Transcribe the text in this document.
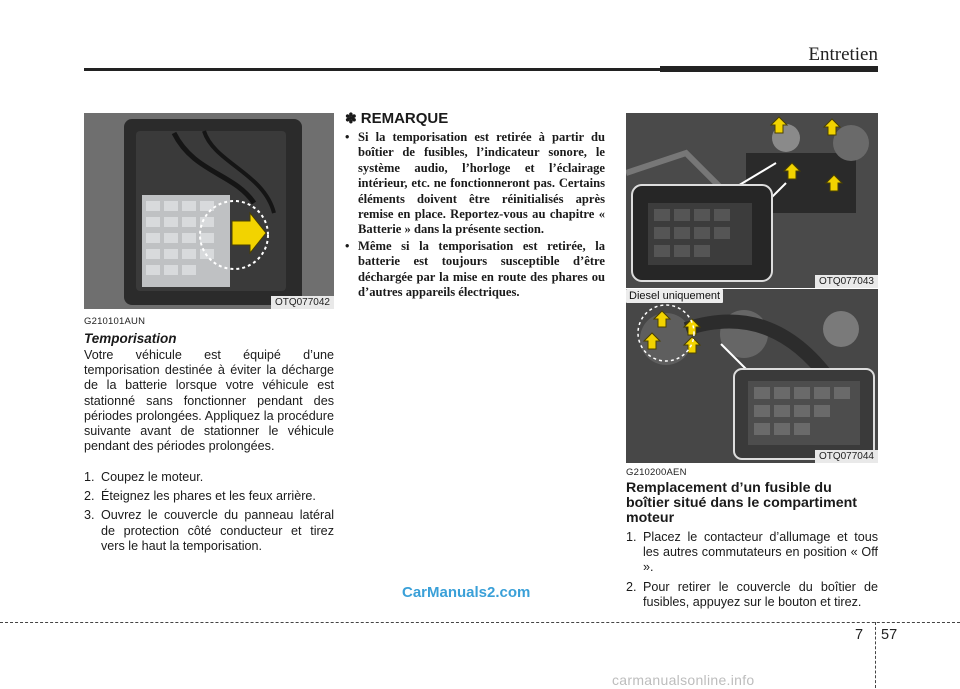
Entretien
OTQ077042
G210101AUN
Temporisation
Votre véhicule est équipé d’une temporisation destinée à éviter la décharge de la batterie lorsque votre véhicule est stationné sans fonctionner pendant des périodes prolongées. Appliquez la procédure suivante avant de stationner le véhicule pendant des périodes prolongées.
1. Coupez le moteur.
2. Éteignez les phares et les feux arrière.
3. Ouvrez le couvercle du panneau latéral de protection côté conducteur et tirez vers le haut la temporisation.
✽ REMARQUE
• Si la temporisation est retirée à partir du boîtier de fusibles, l’indicateur sonore, le système audio, l’horloge et l’éclairage intérieur, etc. ne fonctionneront pas. Certains éléments doivent être réinitialisés après remise en place. Reportez-vous au chapitre « Batterie » dans la présente section.
• Même si la temporisation est retirée, la batterie est toujours susceptible d’être déchargée par la mise en route des phares ou d’autres appareils électriques.
OTQ077043
OTQ077044
Diesel uniquement
G210200AEN
Remplacement d’un fusible du boîtier situé dans le compartiment moteur
1. Placez le contacteur d’allumage et tous les autres commutateurs en position « Off ».
2. Pour retirer le couvercle du boîtier de fusibles, appuyez sur le bouton et tirez.
CarManuals2.com
7 57
carmanualsonline.info
